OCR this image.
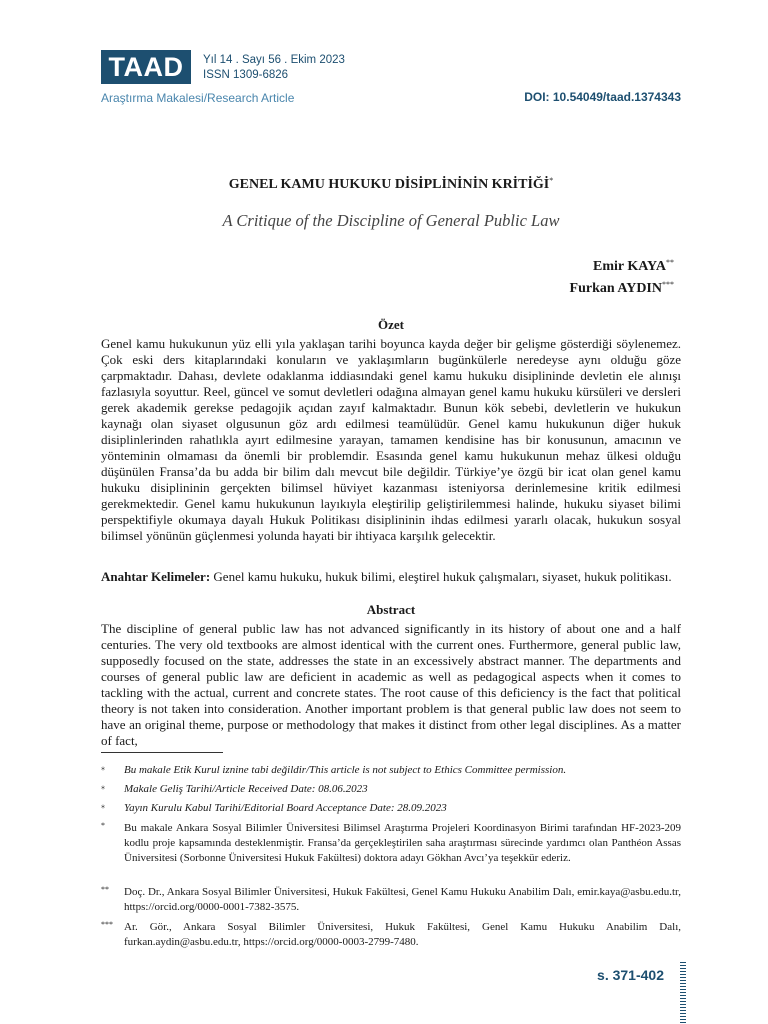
TAAD
Araştırma Makalesi/Research Article	DOI: 10.54049/taad.1374343
Yıl 14 . Sayı 56 . Ekim 2023
ISSN 1309-6826
GENEL KAMU HUKUKU DİSİPLİNİNİN KRİTİĞİ*
A Critique of the Discipline of General Public Law
Emir KAYA**
Furkan AYDIN***
Özet

Genel kamu hukukunun yüz elli yıla yaklaşan tarihi boyunca kayda değer bir gelişme gösterdiği söylenemez. Çok eski ders kitaplarındaki konuların ve yaklaşımların bugünkülerle neredeyse aynı olduğu göze çarpmaktadır. Dahası, devlete odaklanma iddiasındaki genel kamu hukuku disiplininde devletin ele alınışı fazlasıyla soyuttur. Reel, güncel ve somut devletleri odağına almayan genel kamu hukuku kürsüleri ve dersleri gerek akademik gerekse pedagojik açıdan zayıf kalmaktadır. Bunun kök sebebi, devletlerin ve hukukun kaynağı olan siyaset olgusunun göz ardı edilmesi teamülüdür. Genel kamu hukukunun diğer hukuk disiplinlerinden rahatlıkla ayırt edilmesine yarayan, tamamen kendisine has bir konusunun, amacının ve yönteminin olmaması da önemli bir problemdir. Esasında genel kamu hukukunun mehaz ülkesi olduğu düşünülen Fransa’da bu adda bir bilim dalı mevcut bile değildir. Türkiye’ye özgü bir icat olan genel kamu hukuku disiplininin gerçekten bilimsel hüviyet kazanması isteniyorsa derinlemesine kritik edilmesi gerekmektedir. Genel kamu hukukunun layıkıyla eleştirilip geliştirilemmesi halinde, hukuku siyaset bilimi perspektifiyle okumaya dayalı Hukuk Politikası disiplininin ihdas edilmesi yararlı olacak, hukukun sosyal bilimsel yönünün güçlenmesi yolunda hayati bir ihtiyaca karşılık gelecektir.

Anahtar Kelimeler: Genel kamu hukuku, hukuk bilimi, eleştirel hukuk çalışmaları, siyaset, hukuk politikası.

Abstract

The discipline of general public law has not advanced significantly in its history of about one and a half centuries. The very old textbooks are almost identical with the current ones. Furthermore, general public law, supposedly focused on the state, addresses the state in an excessively abstract manner. The departments and courses of general public law are deficient in academic as well as pedagogical aspects when it comes to tackling with the actual, current and concrete states. The root cause of this deficiency is the fact that political theory is not taken into consideration. Another important problem is that general public law does not seem to have an original theme, purpose or methodology that makes it distinct from other legal disciplines. As a matter of fact,

⁎ Bu makale Etik Kurul iznine tabi değildir/This article is not subject to Ethics Committee permission.
⁎ Makale Geliş Tarihi/Article Received Date: 08.06.2023
⁎ Yayın Kurulu Kabul Tarihi/Editorial Board Acceptance Date: 28.09.2023
* Bu makale Ankara Sosyal Bilimler Üniversitesi Bilimsel Araştırma Projeleri Koordinasyon Birimi tarafından HF-2023-209 kodlu proje kapsamında desteklenmiştir. Fransa’da gerçekleştirilen saha araştırması sürecinde yardımcı olan Panthéon Assas Üniversitesi (Sorbonne Üniversitesi Hukuk Fakültesi) doktora adayı Gökhan Avcı’ya teşekkür ederiz.
** Doç. Dr., Ankara Sosyal Bilimler Üniversitesi, Hukuk Fakültesi, Genel Kamu Hukuku Anabilim Dalı, emir.kaya@asbu.edu.tr, https://orcid.org/0000-0001-7382-3575.
*** Ar. Gör., Ankara Sosyal Bilimler Üniversitesi, Hukuk Fakültesi, Genel Kamu Hukuku Anabilim Dalı, furkan.aydin@asbu.edu.tr, https://orcid.org/0000-0003-2799-7480.
s. 371-402
